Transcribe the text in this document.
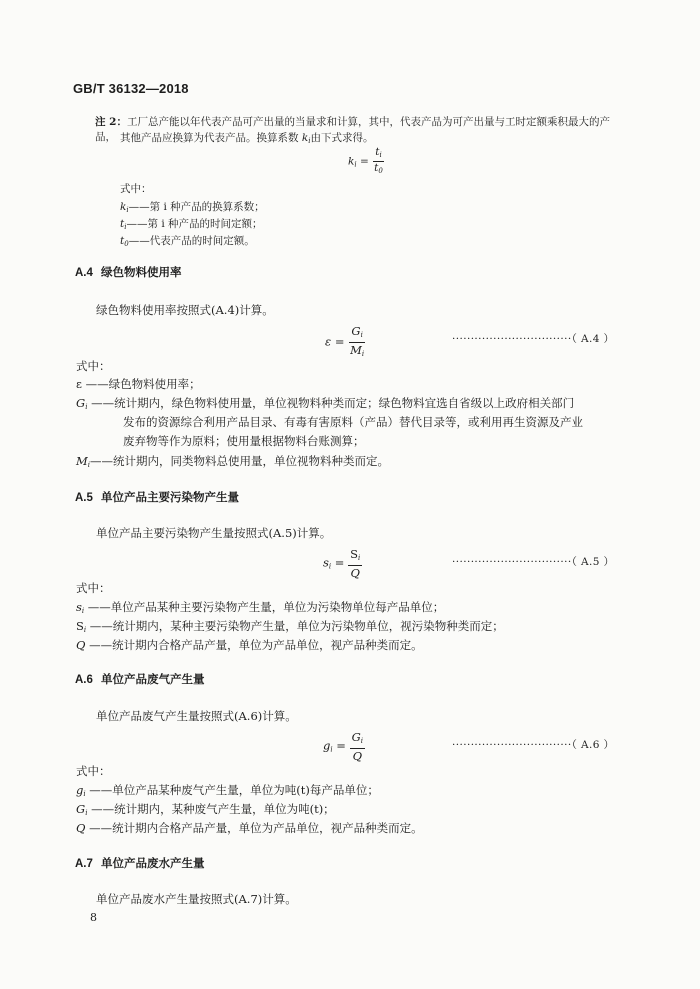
GB/T 36132—2018
注 2：工厂总产能以年代表产品可产出量的当量求和计算，其中，代表产品为可产出量与工时定额乘积最大的产品， 其他产品应换算为代表产品。换算系数 $k_i$由下式求得。
$k_i = \frac{t_i}{t_0}$
式中：
$k_i——$第 i 种产品的换算系数；
$t_i——$第 i 种产品的时间定额；
$t_0——$代表产品的时间定额。
A.4 绿色物料使用率
绿色物料使用率按照式(A.4)计算。
$\varepsilon = \frac{G_i}{M_i}$	································（ A.4 ）
式中：
ε ——绿色物料使用率；
$G_i$ ——统计期内，绿色物料使用量，单位视物料种类而定；绿色物料宜选自省级以上政府相关部门
发布的资源综合利用产品目录、有毒有害原料（产品）替代目录等，或利用再生资源及产业
废弃物等作为原料；使用量根据物料台账测算；
$M_i——$统计期内，同类物料总使用量，单位视物料种类而定。
A.5 单位产品主要污染物产生量
单位产品主要污染物产生量按照式(A.5)计算。
$s_i = \frac{S_i}{Q}$	································（ A.5 ）
式中：
$s_i$ ——单位产品某种主要污染物产生量，单位为污染物单位每产品单位；
$S_i$ ——统计期内，某种主要污染物产生量，单位为污染物单位，视污染物种类而定；
Q ——统计期内合格产品产量，单位为产品单位，视产品种类而定。
A.6 单位产品废气产生量
单位产品废气产生量按照式(A.6)计算。
$g_i = \frac{G_i}{Q}$	································（ A.6 ）
式中：
$g_i$ ——单位产品某种废气产生量，单位为吨(t)每产品单位；
$G_i$ ——统计期内，某种废气产生量，单位为吨(t)；
Q ——统计期内合格产品产量，单位为产品单位，视产品种类而定。
A.7 单位产品废水产生量
单位产品废水产生量按照式(A.7)计算。
8
